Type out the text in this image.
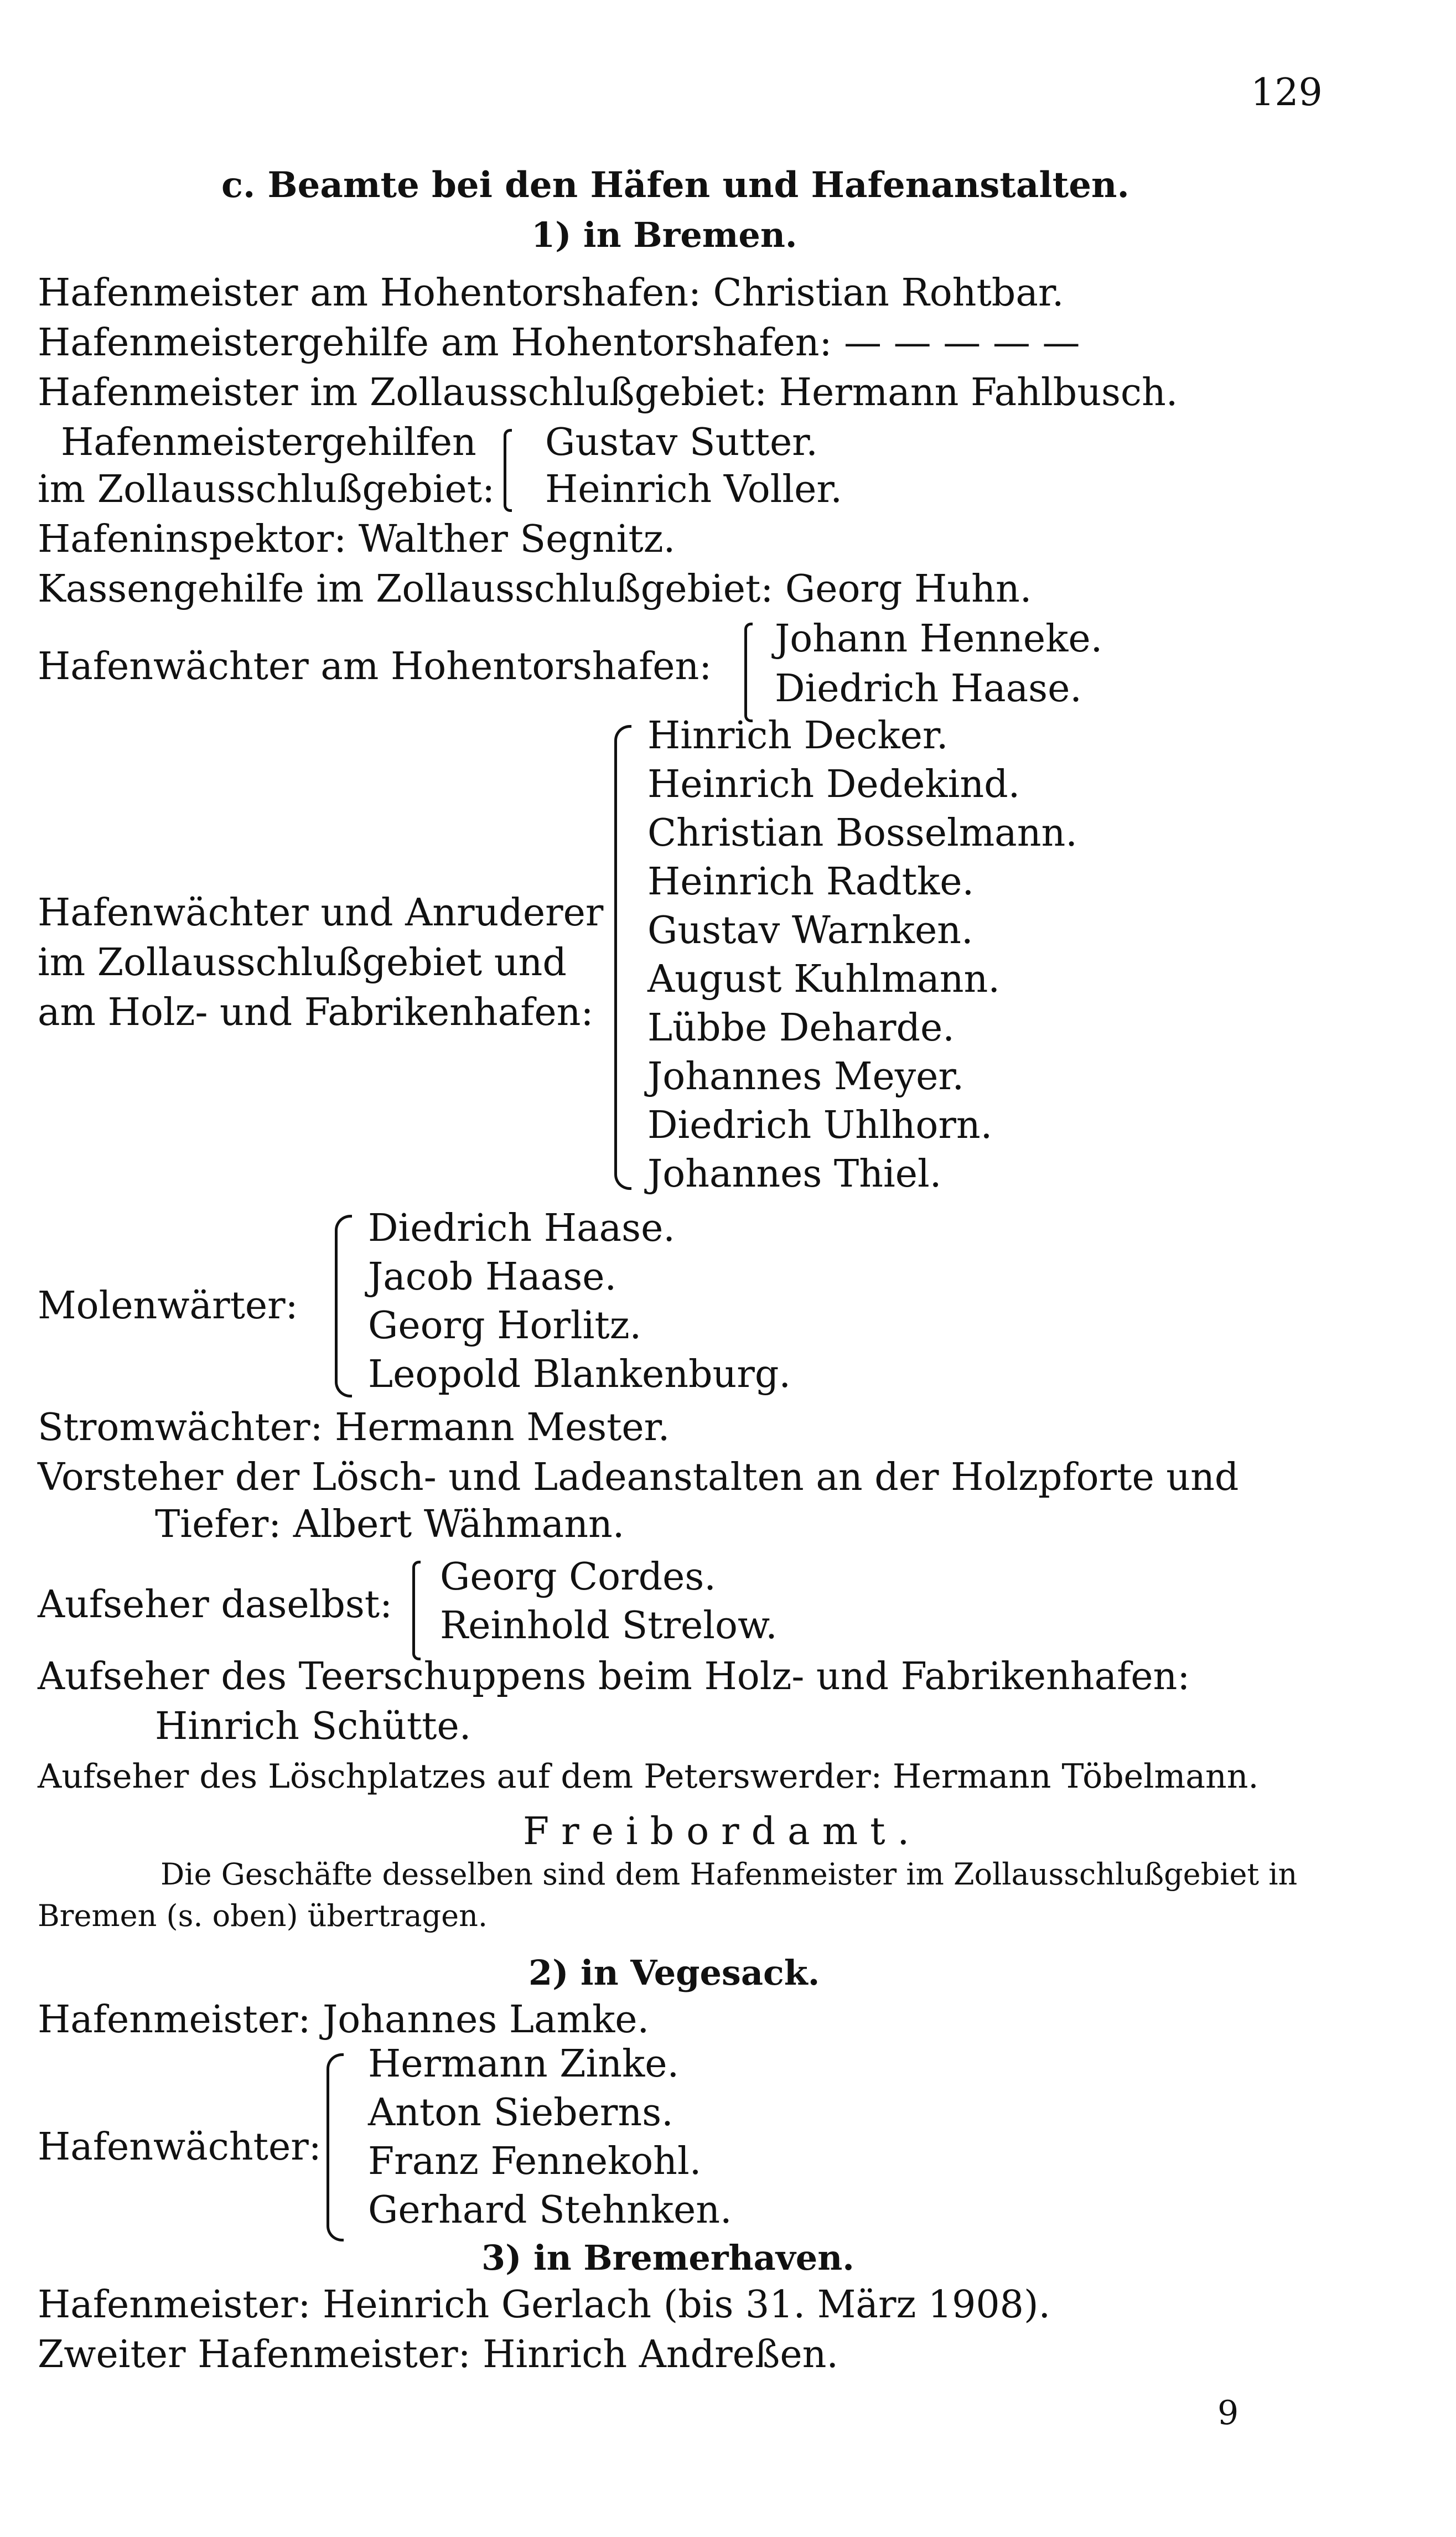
129
c. Beamte bei den Häfen und Hafenanstalten.
1) in Bremen.
Hafenmeister am Hohentorshafen: Christian Rohtbar.
Hafenmeistergehilfe am Hohentorshafen: — — — — —
Hafenmeister im Zollausschlußgebiet: Hermann Fahlbusch.
Hafenmeistergehilfen
im Zollausschlußgebiet:
Gustav Sutter.
Heinrich Voller.
Hafeninspektor: Walther Segnitz.
Kassengehilfe im Zollausschlußgebiet: Georg Huhn.
Hafenwächter am Hohentorshafen:
Johann Henneke.
Diedrich Haase.
Hafenwächter und Anruderer
im Zollausschlußgebiet und
am Holz- und Fabrikenhafen:
Hinrich Decker.
Heinrich Dedekind.
Christian Bosselmann.
Heinrich Radtke.
Gustav Warnken.
August Kuhlmann.
Lübbe Deharde.
Johannes Meyer.
Diedrich Uhlhorn.
Johannes Thiel.
Molenwärter:
Diedrich Haase.
Jacob Haase.
Georg Horlitz.
Leopold Blankenburg.
Stromwächter: Hermann Mester.
Vorsteher der Lösch- und Ladeanstalten an der Holzpforte und
Tiefer: Albert Wähmann.
Aufseher daselbst:
Georg Cordes.
Reinhold Strelow.
Aufseher des Teerschuppens beim Holz- und Fabrikenhafen:
Hinrich Schütte.
Aufseher des Löschplatzes auf dem Peterswerder: Hermann Töbelmann.
Freibordamt.
Die Geschäfte desselben sind dem Hafenmeister im Zollausschlußgebiet in
Bremen (s. oben) übertragen.
2) in Vegesack.
Hafenmeister: Johannes Lamke.
Hafenwächter:
Hermann Zinke.
Anton Sieberns.
Franz Fennekohl.
Gerhard Stehnken.
3) in Bremerhaven.
Hafenmeister: Heinrich Gerlach (bis 31. März 1908).
Zweiter Hafenmeister: Hinrich Andreßen.
9
